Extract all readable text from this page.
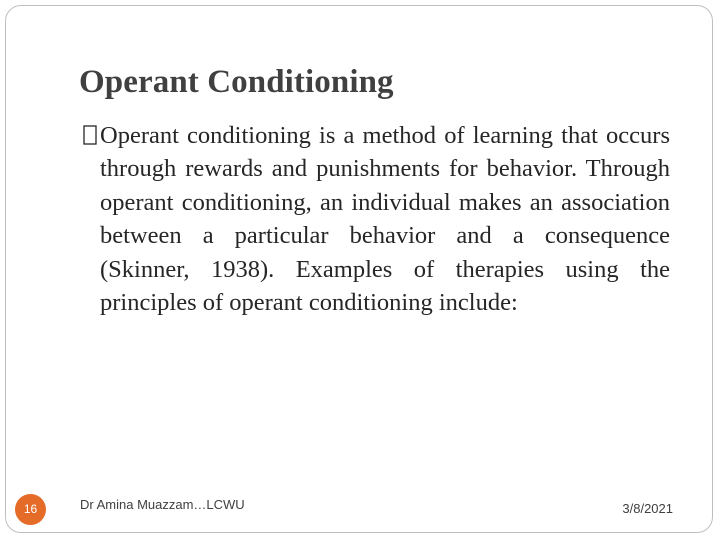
Operant Conditioning
Operant conditioning is a method of learning that occurs through rewards and punishments for behavior. Through operant conditioning, an individual makes an association between a particular behavior and a consequence (Skinner, 1938). Examples of therapies using the principles of operant conditioning include:
16	Dr Amina Muazzam…LCWU	3/8/2021
